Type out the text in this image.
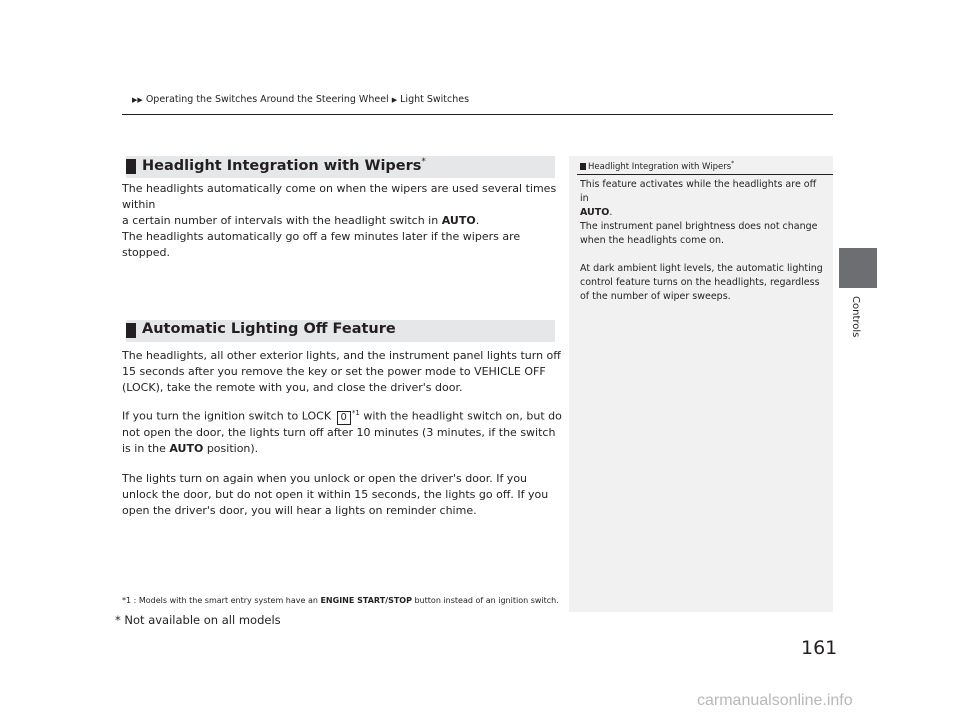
▶▶ Operating the Switches Around the Steering Wheel ▶ Light Switches
Controls
Headlight Integration with Wipers*
The headlights automatically come on when the wipers are used several times within
a certain number of intervals with the headlight switch in AUTO.
The headlights automatically go off a few minutes later if the wipers are stopped.
Automatic Lighting Off Feature
The headlights, all other exterior lights, and the instrument panel lights turn off 15 seconds after you remove the key or set the power mode to VEHICLE OFF (LOCK), take the remote with you, and close the driver's door.
If you turn the ignition switch to LOCK 0 $^{*1}$ with the headlight switch on, but do not open the door, the lights turn off after 10 minutes (3 minutes, if the switch is in the AUTO position).
The lights turn on again when you unlock or open the driver's door. If you unlock the door, but do not open it within 15 seconds, the lights go off. If you open the driver's door, you will hear a lights on reminder chime.
Headlight Integration with Wipers*
This feature activates while the headlights are off in
AUTO.
The instrument panel brightness does not change when the headlights come on.
At dark ambient light levels, the automatic lighting control feature turns on the headlights, regardless of the number of wiper sweeps.
*1 : Models with the smart entry system have an ENGINE START/STOP button instead of an ignition switch.
* Not available on all models
161
carmanualsonline.info
